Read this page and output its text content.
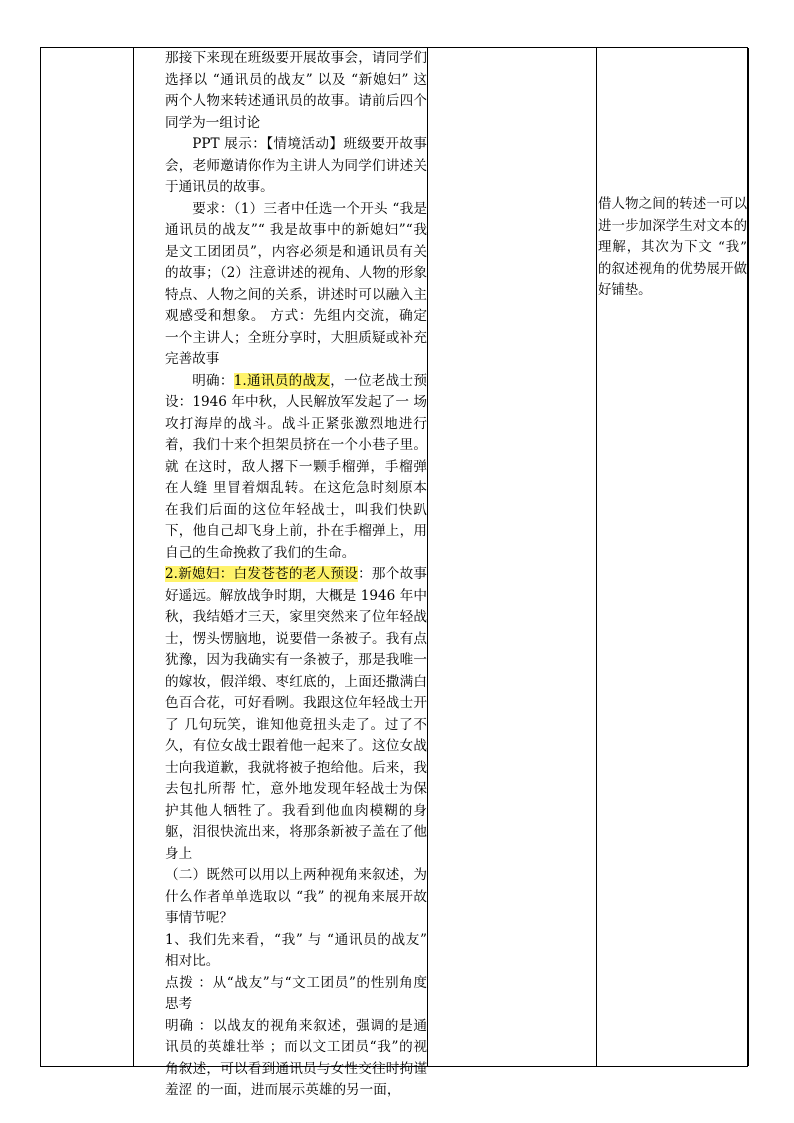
那接下来现在班级要开展故事会，请同学们选择以 “通讯员的战友” 以及 “新媳妇” 这两个人物来转述通讯员的故事。请前后四个同学为一组讨论

PPT 展示：【情境活动】班级要开故事会，老师邀请你作为主讲人为同学们讲述关于通讯员的故事。

要求：（1）三者中任选一个开头 “我是通讯员的战友”“ 我是故事中的新媳妇”“我是文工团团员”，内容必须是和通讯员有关的故事；（2）注意讲述的视角、人物的形象特点、人物之间的关系，讲述时可以融入主观感受和想象。 方式：先组内交流，确定一个主讲人；全班分享时，大胆质疑或补充完善故事

明确：1.通讯员的战友，一位老战士预设：1946 年中秋，人民解放军发起了一 场攻打海岸的战斗。战斗正紧张激烈地进行着，我们十来个担架员挤在一个小巷子里。就 在这时，敌人撂下一颗手榴弹，手榴弹在人缝 里冒着烟乱转。在这危急时刻原本在我们后面的这位年轻战士，叫我们快趴下，他自己却飞身上前，扑在手榴弹上，用自己的生命挽救了我们的生命。

2.新媳妇：白发苍苍的老人预设：那个故事好遥远。解放战争时期，大概是 1946 年中秋，我结婚才三天，家里突然来了位年轻战士，愣头愣脑地，说要借一条被子。我有点犹豫，因为我确实有一条被子，那是我唯一的嫁妆，假洋缎、枣红底的，上面还撒满白色百合花，可好看咧。我跟这位年轻战士开了 几句玩笑，谁知他竟扭头走了。过了不久，有位女战士跟着他一起来了。这位女战士向我道歉，我就将被子抱给他。后来，我去包扎所帮 忙，意外地发现年轻战士为保护其他人牺牲了。我看到他血肉模糊的身躯，泪很快流出来，将那条新被子盖在了他身上

（二）既然可以用以上两种视角来叙述，为什么作者单单选取以 “我” 的视角来展开故事情节呢？

1、我们先来看，“我” 与 “通讯员的战友” 相对比。

点拨 ：从“战友”与“文工团员”的性别角度思考

明确 ：以战友的视角来叙述，强调的是通讯员的英雄壮举 ；而以文工团员“我”的视角叙述，可以看到通讯员与女性交往时拘谨羞涩 的一面，进而展示英雄的另一面，

借人物之间的转述一可以进一步加深学生对文本的理解，其次为下文 “我” 的叙述视角的优势展开做好铺垫。
